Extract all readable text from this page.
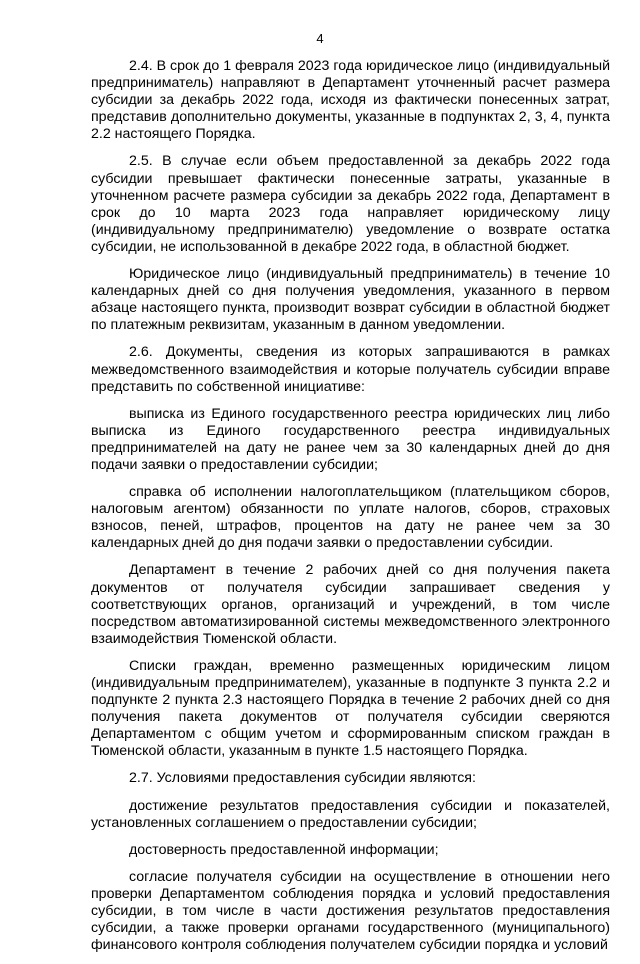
4

2.4. В срок до 1 февраля 2023 года юридическое лицо (индивидуальный предприниматель) направляют в Департамент уточненный расчет размера субсидии за декабрь 2022 года, исходя из фактически понесенных затрат, представив дополнительно документы, указанные в подпунктах 2, 3, 4, пункта 2.2 настоящего Порядка.

2.5. В случае если объем предоставленной за декабрь 2022 года субсидии превышает фактически понесенные затраты, указанные в уточненном расчете размера субсидии за декабрь 2022 года, Департамент в срок до 10 марта 2023 года направляет юридическому лицу (индивидуальному предпринимателю) уведомление о возврате остатка субсидии, не использованной в декабре 2022 года, в областной бюджет.

Юридическое лицо (индивидуальный предприниматель) в течение 10 календарных дней со дня получения уведомления, указанного в первом абзаце настоящего пункта, производит возврат субсидии в областной бюджет по платежным реквизитам, указанным в данном уведомлении.

2.6. Документы, сведения из которых запрашиваются в рамках межведомственного взаимодействия и которые получатель субсидии вправе представить по собственной инициативе:

выписка из Единого государственного реестра юридических лиц либо выписка из Единого государственного реестра индивидуальных предпринимателей на дату не ранее чем за 30 календарных дней до дня подачи заявки о предоставлении субсидии;

справка об исполнении налогоплательщиком (плательщиком сборов, налоговым агентом) обязанности по уплате налогов, сборов, страховых взносов, пеней, штрафов, процентов на дату не ранее чем за 30 календарных дней до дня подачи заявки о предоставлении субсидии.

Департамент в течение 2 рабочих дней со дня получения пакета документов от получателя субсидии запрашивает сведения у соответствующих органов, организаций и учреждений, в том числе посредством автоматизированной системы межведомственного электронного взаимодействия Тюменской области.

Списки граждан, временно размещенных юридическим лицом (индивидуальным предпринимателем), указанные в подпункте 3 пункта 2.2 и подпункте 2 пункта 2.3 настоящего Порядка в течение 2 рабочих дней со дня получения пакета документов от получателя субсидии сверяются Департаментом с общим учетом и сформированным списком граждан в Тюменской области, указанным в пункте 1.5 настоящего Порядка.

2.7. Условиями предоставления субсидии являются:

достижение результатов предоставления субсидии и показателей, установленных соглашением о предоставлении субсидии;

достоверность предоставленной информации;

согласие получателя субсидии на осуществление в отношении него проверки Департаментом соблюдения порядка и условий предоставления субсидии, в том числе в части достижения результатов предоставления субсидии, а также проверки органами государственного (муниципального) финансового контроля соблюдения получателем субсидии порядка и условий
